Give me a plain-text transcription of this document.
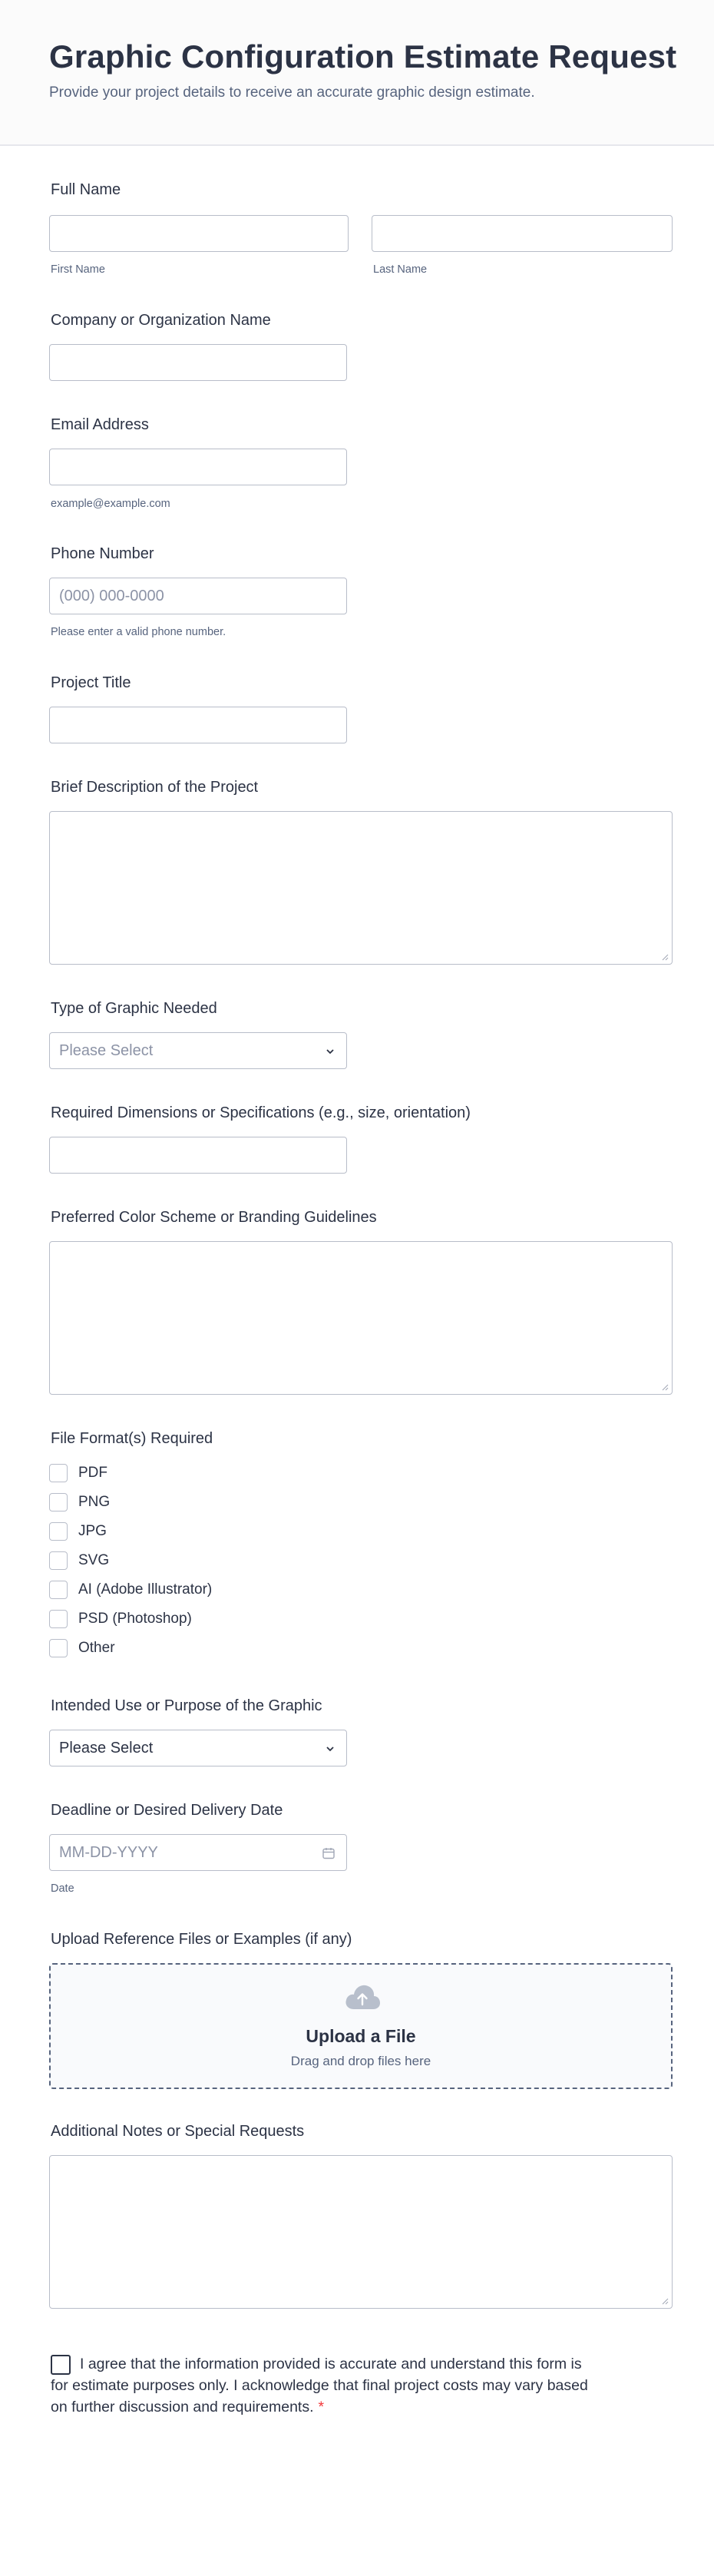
Graphic Configuration Estimate Request

Provide your project details to receive an accurate graphic design estimate.

Full Name
First Name	Last Name
Company or Organization Name
Email Address
example@example.com
Phone Number
(000) 000-0000
Please enter a valid phone number.
Project Title
Brief Description of the Project
Type of Graphic Needed
Please Select
Required Dimensions or Specifications (e.g., size, orientation)
Preferred Color Scheme or Branding Guidelines
File Format(s) Required
PDF
PNG
JPG
SVG
AI (Adobe Illustrator)
PSD (Photoshop)
Other
Intended Use or Purpose of the Graphic
Please Select
Deadline or Desired Delivery Date
MM-DD-YYYY
Date
Upload Reference Files or Examples (if any)
Upload a File
Drag and drop files here
Additional Notes or Special Requests

I agree that the information provided is accurate and understand this form is for estimate purposes only. I acknowledge that final project costs may vary based on further discussion and requirements. *
